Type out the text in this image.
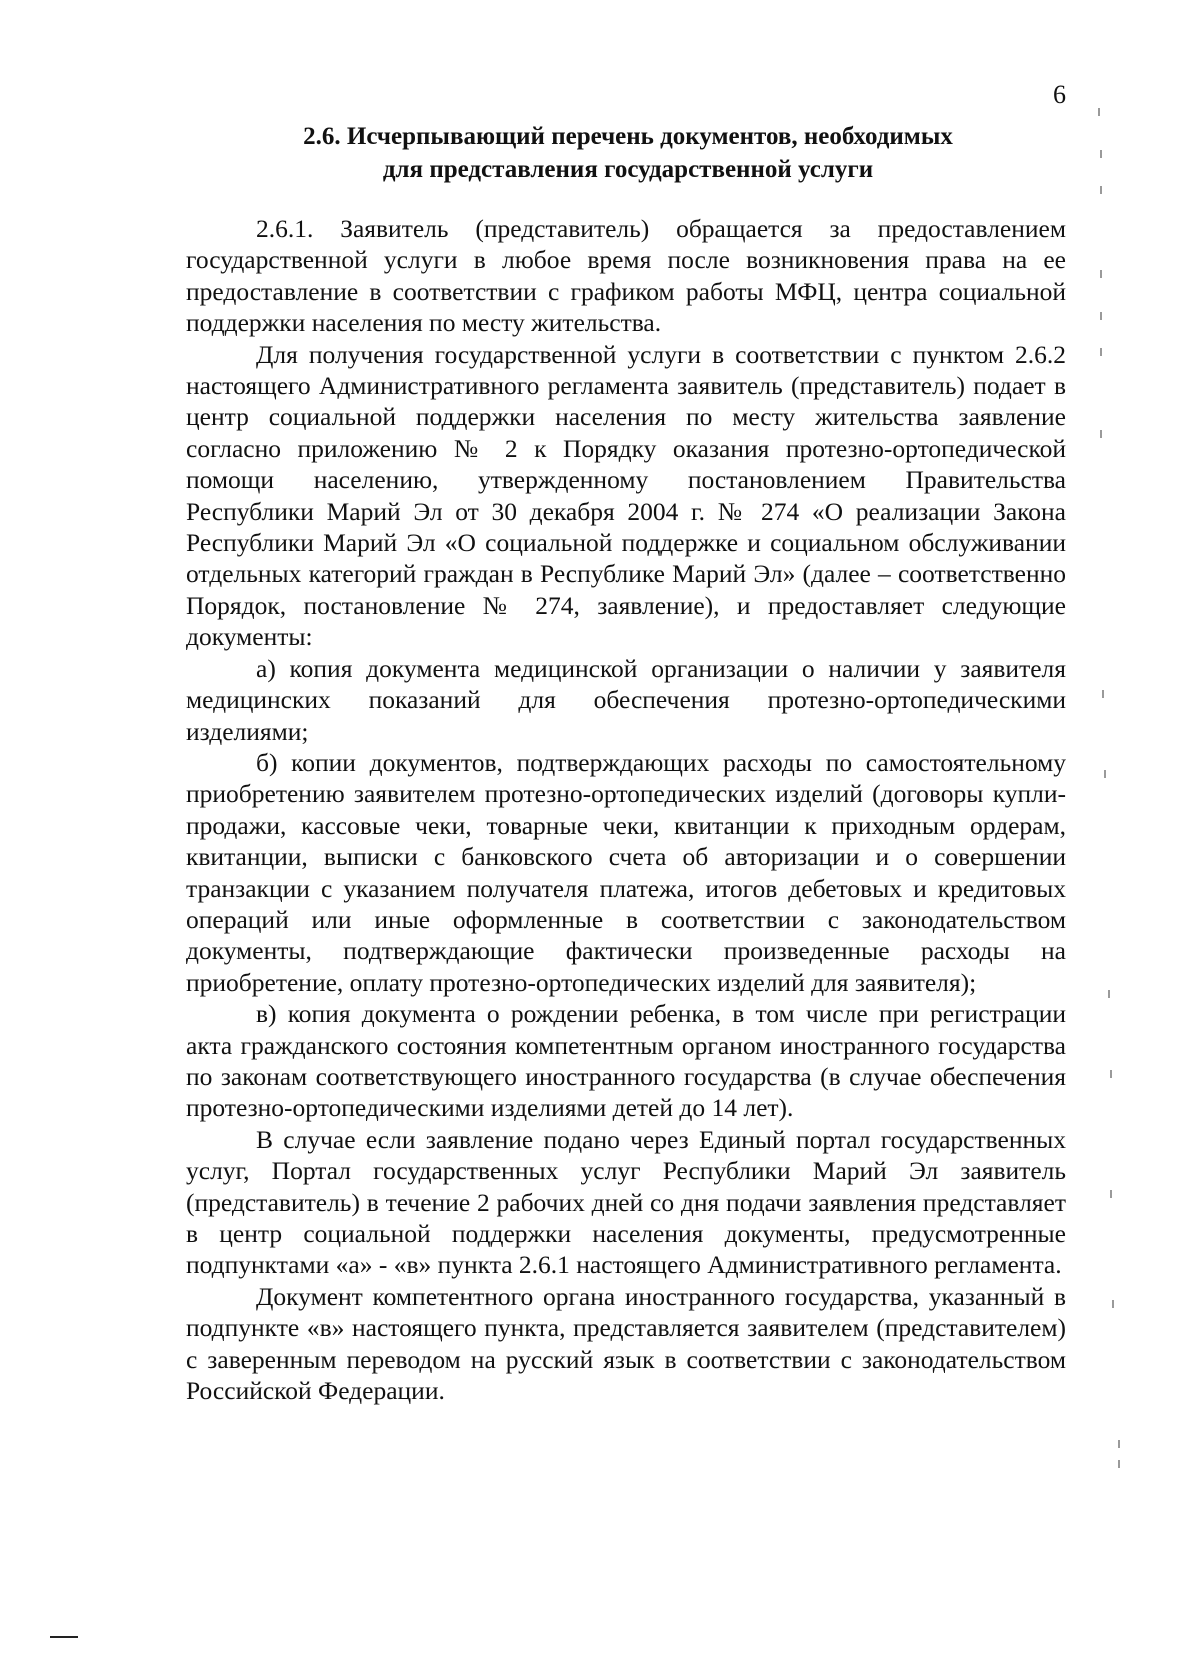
6
2.6. Исчерпывающий перечень документов, необходимых
для представления государственной услуги

2.6.1. Заявитель (представитель) обращается за предоставлением государственной услуги в любое время после возникновения права на ее предоставление в соответствии с графиком работы МФЦ, центра социальной поддержки населения по месту жительства.

Для получения государственной услуги в соответствии с пунктом 2.6.2 настоящего Административного регламента заявитель (представитель) подает в центр социальной поддержки населения по месту жительства заявление согласно приложению № 2 к Порядку оказания протезно-ортопедической помощи населению, утвержденному постановлением Правительства Республики Марий Эл от 30 декабря 2004 г. № 274 «О реализации Закона Республики Марий Эл «О социальной поддержке и социальном обслуживании отдельных категорий граждан в Республике Марий Эл» (далее – соответственно Порядок, постановление № 274, заявление), и предоставляет следующие документы:

а) копия документа медицинской организации о наличии у заявителя медицинских показаний для обеспечения протезно-ортопедическими изделиями;

б) копии документов, подтверждающих расходы по самостоятельному приобретению заявителем протезно-ортопедических изделий (договоры купли-продажи, кассовые чеки, товарные чеки, квитанции к приходным ордерам, квитанции, выписки с банковского счета об авторизации и о совершении транзакции с указанием получателя платежа, итогов дебетовых и кредитовых операций или иные оформленные в соответствии с законодательством документы, подтверждающие фактически произведенные расходы на приобретение, оплату протезно-ортопедических изделий для заявителя);

в) копия документа о рождении ребенка, в том числе при регистрации акта гражданского состояния компетентным органом иностранного государства по законам соответствующего иностранного государства (в случае обеспечения протезно-ортопедическими изделиями детей до 14 лет).

В случае если заявление подано через Единый портал государственных услуг, Портал государственных услуг Республики Марий Эл заявитель (представитель) в течение 2 рабочих дней со дня подачи заявления представляет в центр социальной поддержки населения документы, предусмотренные подпунктами «а» - «в» пункта 2.6.1 настоящего Административного регламента.

Документ компетентного органа иностранного государства, указанный в подпункте «в» настоящего пункта, представляется заявителем (представителем) с заверенным переводом на русский язык в соответствии с законодательством Российской Федерации.
